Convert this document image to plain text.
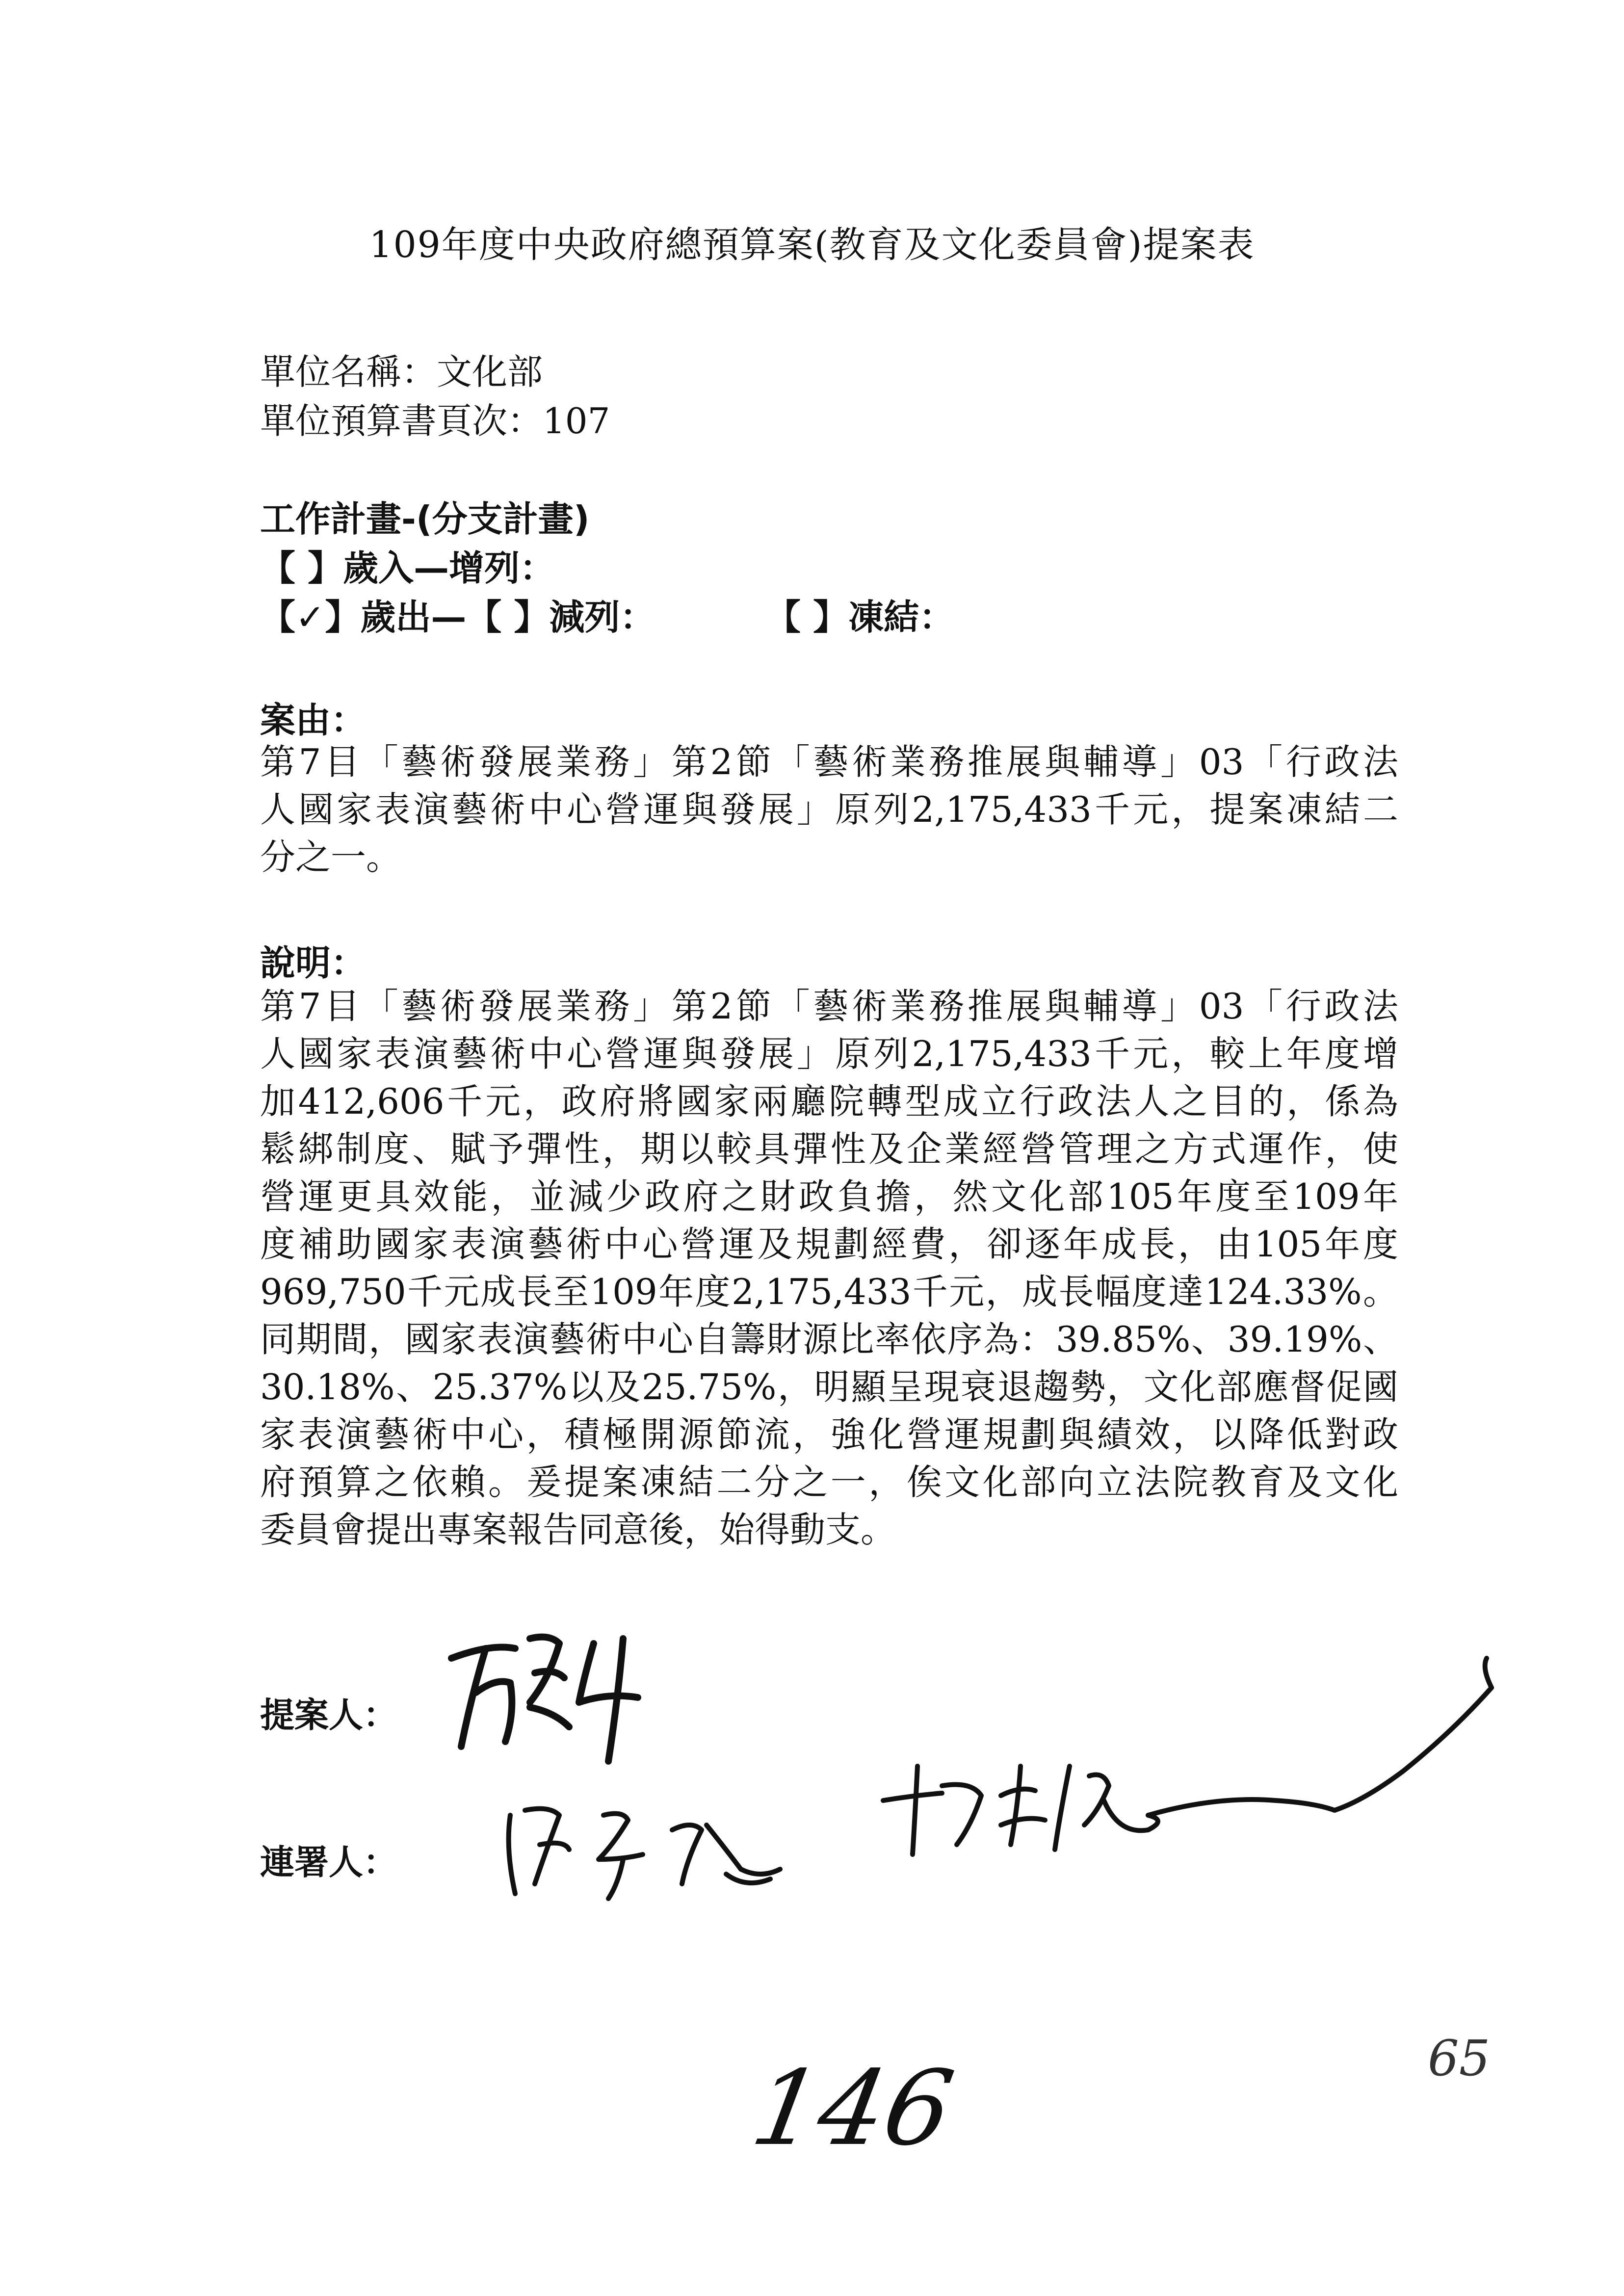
109年度中央政府總預算案(教育及文化委員會)提案表
單位名稱：文化部
單位預算書頁次：107
工作計畫-(分支計畫)
【 】歲入—增列：
【✓】歲出—【 】減列：	【 】凍結：
案由：
第7目「藝術發展業務」第2節「藝術業務推展與輔導」03「行政法
人國家表演藝術中心營運與發展」原列2,175,433千元，提案凍結二
分之一。
說明：
第7目「藝術發展業務」第2節「藝術業務推展與輔導」03「行政法
人國家表演藝術中心營運與發展」原列2,175,433千元，較上年度增
加412,606千元，政府將國家兩廳院轉型成立行政法人之目的，係為
鬆綁制度、賦予彈性，期以較具彈性及企業經營管理之方式運作，使
營運更具效能，並減少政府之財政負擔，然文化部105年度至109年
度補助國家表演藝術中心營運及規劃經費，卻逐年成長，由105年度
969,750千元成長至109年度2,175,433千元，成長幅度達124.33%。
同期間，國家表演藝術中心自籌財源比率依序為：39.85%、39.19%、
30.18%、25.37%以及25.75%，明顯呈現衰退趨勢，文化部應督促國
家表演藝術中心，積極開源節流，強化營運規劃與績效，以降低對政
府預算之依賴。爰提案凍結二分之一，俟文化部向立法院教育及文化
委員會提出專案報告同意後，始得動支。
提案人：
連署人：
146	65
